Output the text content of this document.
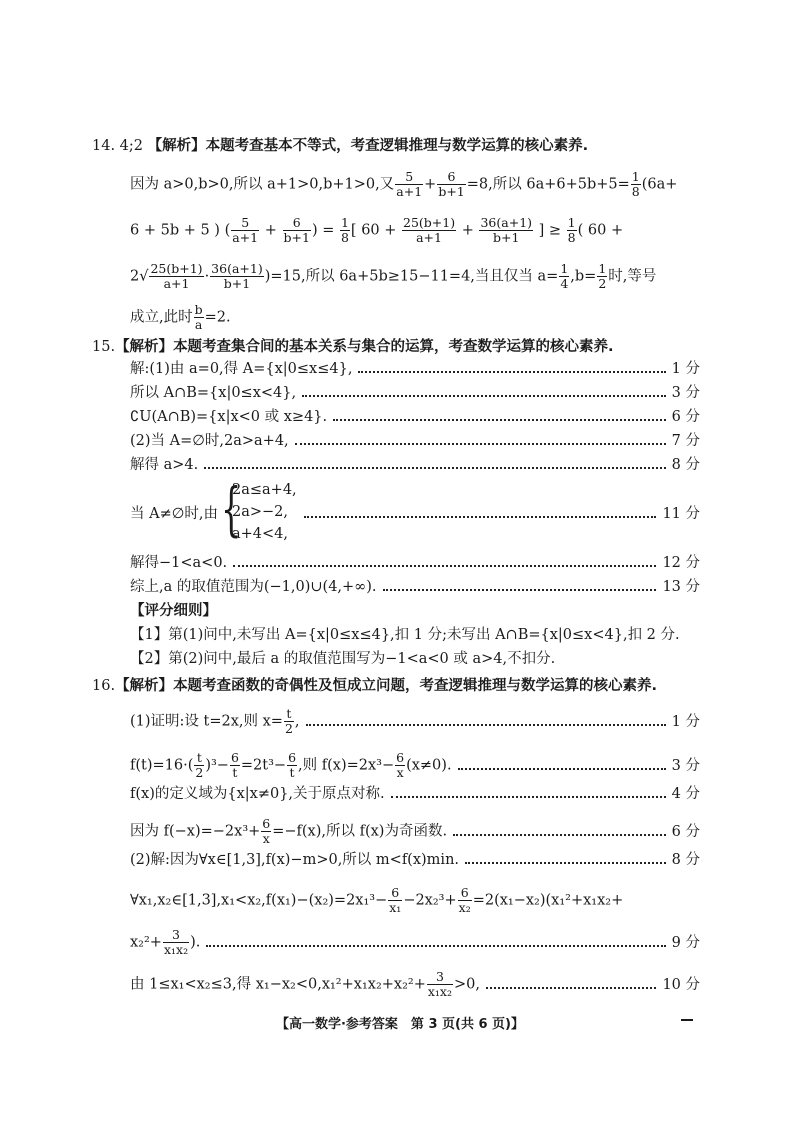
14. 4;2 【解析】本题考查基本不等式，考查逻辑推理与数学运算的核心素养.
因为 a>0,b>0,所以 a+1>0,b+1>0,又 $\frac{5}{a+1} + \frac{6}{b+1} =8$,所以 $6a+6+5b+5= \frac{1}{8} (6a+$
6 + 5b + 5 ) ( $\frac{5}{a+1} + \frac{6}{b+1}$ ) = $\frac{1}{8}$ [ $60 + \frac{25(b+1)}{a+1} + \frac{36(a+1)}{b+1}$ ] ≥ $\frac{1}{8}$ ( 60 +
$2√ \frac{25(b+1)}{a+1} \cdot \frac{36(a+1)}{b+1} )=15$,所以 6a+5b≥15−11=4,当且仅当 $a= \frac{1}{4} ,b= \frac{1}{2}$ 时,等号
成立,此时 $\frac{b}{a} =2$.
15.【解析】本题考查集合间的基本关系与集合的运算，考查数学运算的核心素养.
解:(1)由 a=0,得 A={x|0≤x≤4},	1 分
所以 A∩B={x|0≤x<4},	3 分
∁U(A∩B)={x|x<0 或 x≥4}.	6 分
(2)当 A=∅时,2a>a+4,	7 分
解得 a>4.	8 分
{
2a≤a+4,
2a>−2,
a+4<4,
当 A≠∅时,由	11 分
解得−1<a<0.	12 分
综上,a 的取值范围为(−1,0)∪(4,+∞).	13 分
【评分细则】
【1】第(1)问中,未写出 A={x|0≤x≤4},扣 1 分;未写出 A∩B={x|0≤x<4},扣 2 分.
【2】第(2)问中,最后 a 的取值范围写为−1<a<0 或 a>4,不扣分.
16.【解析】本题考查函数的奇偶性及恒成立问题，考查逻辑推理与数学运算的核心素养.
(1)证明:设 t=2x,则 $x= \frac{t}{2}$ ,	1 分
$f(t)=16\cdot( \frac{t}{2} )^3- \frac{6}{t} =2t^3- \frac{6}{t}$ ,则 $f(x)=2x^3- \frac{6}{x} (x\ne 0)$.	3 分
f(x)的定义域为{x|x≠0},关于原点对称.	4 分
因为 $f(-x)=-2x^3+ \frac{6}{x} =-f(x)$,所以 f(x)为奇函数.	6 分
(2)解:因为∀x∈[1,3],f(x)−m>0,所以 m<f(x)min.	8 分
∀x₁,x₂∈[1,3],x₁<x₂,f(x₁)−(x₂)=2x₁³− $\frac{6}{\text{x₁}} -2x_2^3+ \frac{6}{\text{x₂}} =2(x_1-x_2)(x_1^2+x_1x_2+$
$x_2^2+ \frac{3}{\text{x₁x₂}}$ ).	9 分
由 1≤x₁<x₂≤3,得 $x_1-x_2<0,x_1^2+x_1x_2+x_2^2+ \frac{3}{\text{x₁x₂}} >0$,	10 分
【高一数学·参考答案　第 3 页(共 6 页)】
